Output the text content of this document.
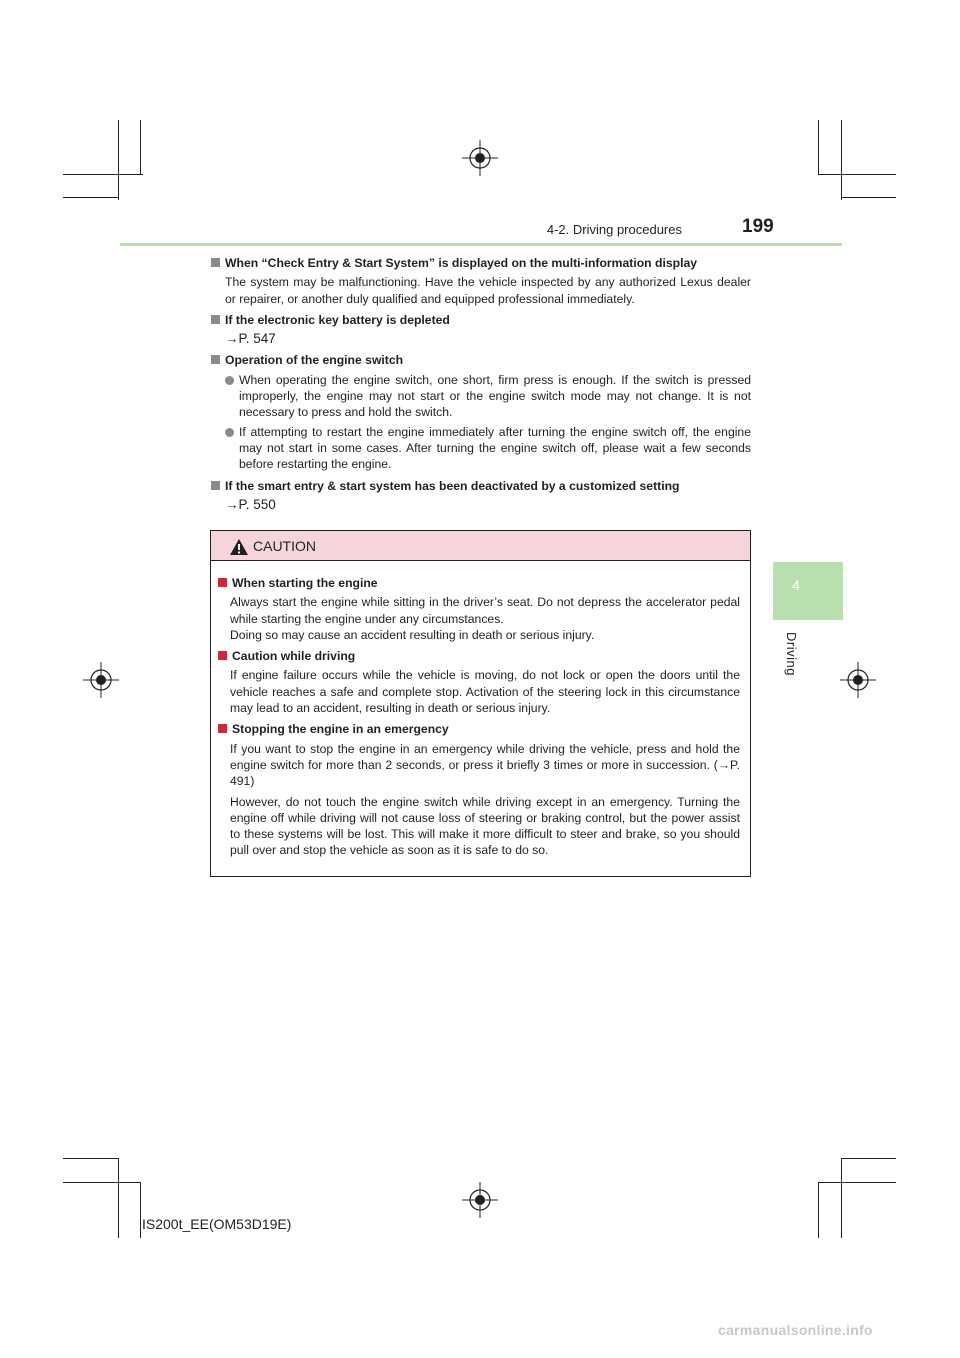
4-2. Driving procedures	199
4
Driving
When “Check Entry & Start System” is displayed on the multi-information display
The system may be malfunctioning. Have the vehicle inspected by any authorized Lexus dealer or repairer, or another duly qualified and equipped professional immediately.
If the electronic key battery is depleted
→P. 547
Operation of the engine switch
When operating the engine switch, one short, firm press is enough. If the switch is pressed improperly, the engine may not start or the engine switch mode may not change. It is not necessary to press and hold the switch.
If attempting to restart the engine immediately after turning the engine switch off, the engine may not start in some cases. After turning the engine switch off, please wait a few seconds before restarting the engine.
If the smart entry & start system has been deactivated by a customized setting
→P. 550
CAUTION
When starting the engine
Always start the engine while sitting in the driver’s seat. Do not depress the accelerator pedal while starting the engine under any circumstances.
Doing so may cause an accident resulting in death or serious injury.
Caution while driving
If engine failure occurs while the vehicle is moving, do not lock or open the doors until the vehicle reaches a safe and complete stop. Activation of the steering lock in this circumstance may lead to an accident, resulting in death or serious injury.
Stopping the engine in an emergency
If you want to stop the engine in an emergency while driving the vehicle, press and hold the engine switch for more than 2 seconds, or press it briefly 3 times or more in succession. (→P. 491)
However, do not touch the engine switch while driving except in an emergency. Turning the engine off while driving will not cause loss of steering or braking control, but the power assist to these systems will be lost. This will make it more difficult to steer and brake, so you should pull over and stop the vehicle as soon as it is safe to do so.
IS200t_EE(OM53D19E)
carmanualsonline.info
